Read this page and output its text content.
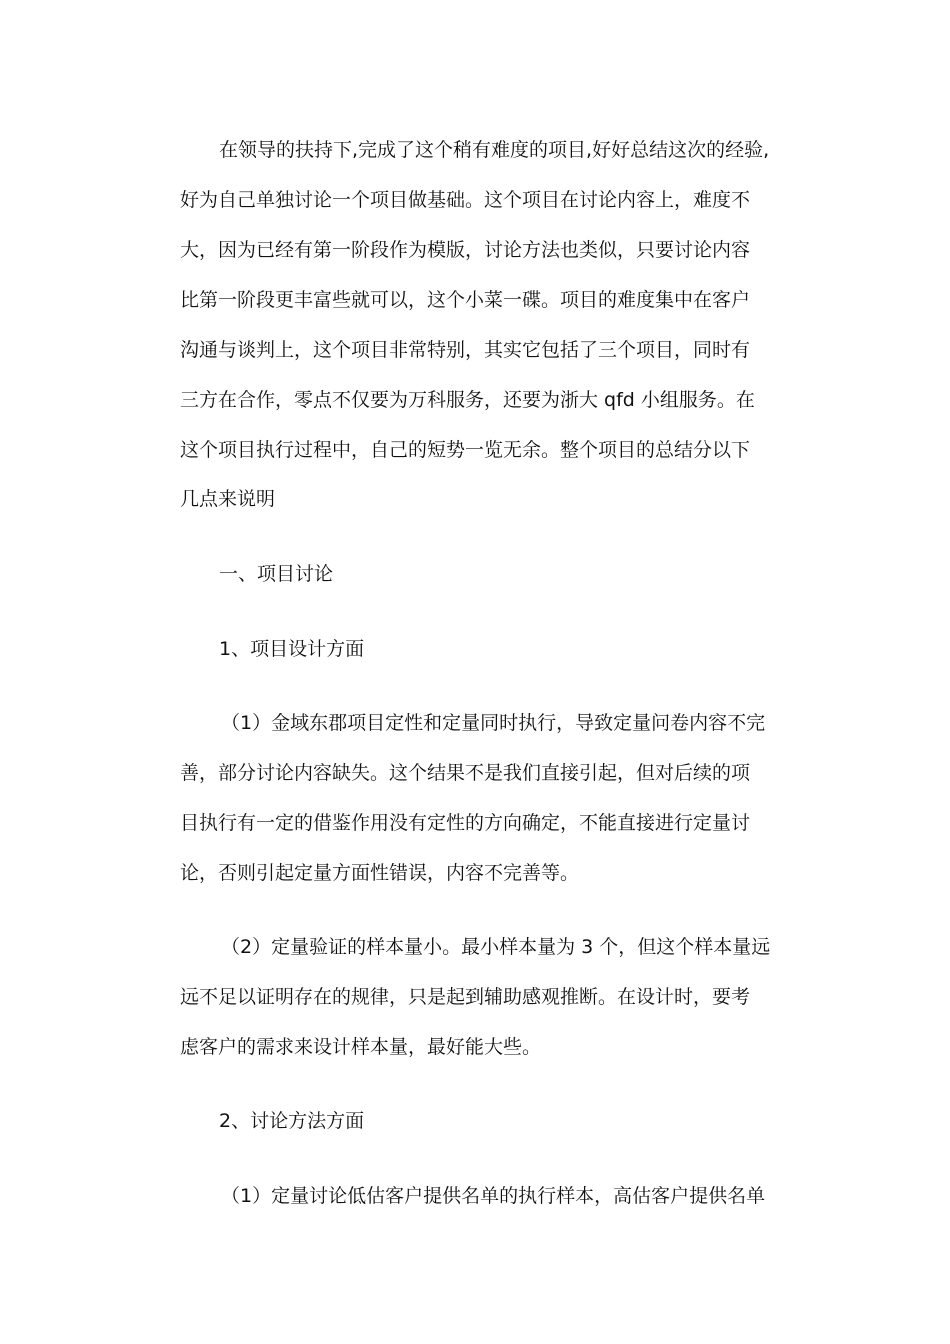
在领导的扶持下,完成了这个稍有难度的项目,好好总结这次的经验,
好为自己单独讨论一个项目做基础。这个项目在讨论内容上，难度不
大，因为已经有第一阶段作为模版，讨论方法也类似，只要讨论内容
比第一阶段更丰富些就可以，这个小菜一碟。项目的难度集中在客户
沟通与谈判上，这个项目非常特别，其实它包括了三个项目，同时有
三方在合作，零点不仅要为万科服务，还要为浙大 qfd 小组服务。在
这个项目执行过程中，自己的短势一览无余。整个项目的总结分以下
几点来说明
一、项目讨论
1、项目设计方面
（1）金域东郡项目定性和定量同时执行，导致定量问卷内容不完
善，部分讨论内容缺失。这个结果不是我们直接引起，但对后续的项
目执行有一定的借鉴作用没有定性的方向确定，不能直接进行定量讨
论，否则引起定量方面性错误，内容不完善等。
（2）定量验证的样本量小。最小样本量为 3 个，但这个样本量远
远不足以证明存在的规律，只是起到辅助感观推断。在设计时，要考
虑客户的需求来设计样本量，最好能大些。
2、讨论方法方面
（1）定量讨论低估客户提供名单的执行样本，高估客户提供名单
